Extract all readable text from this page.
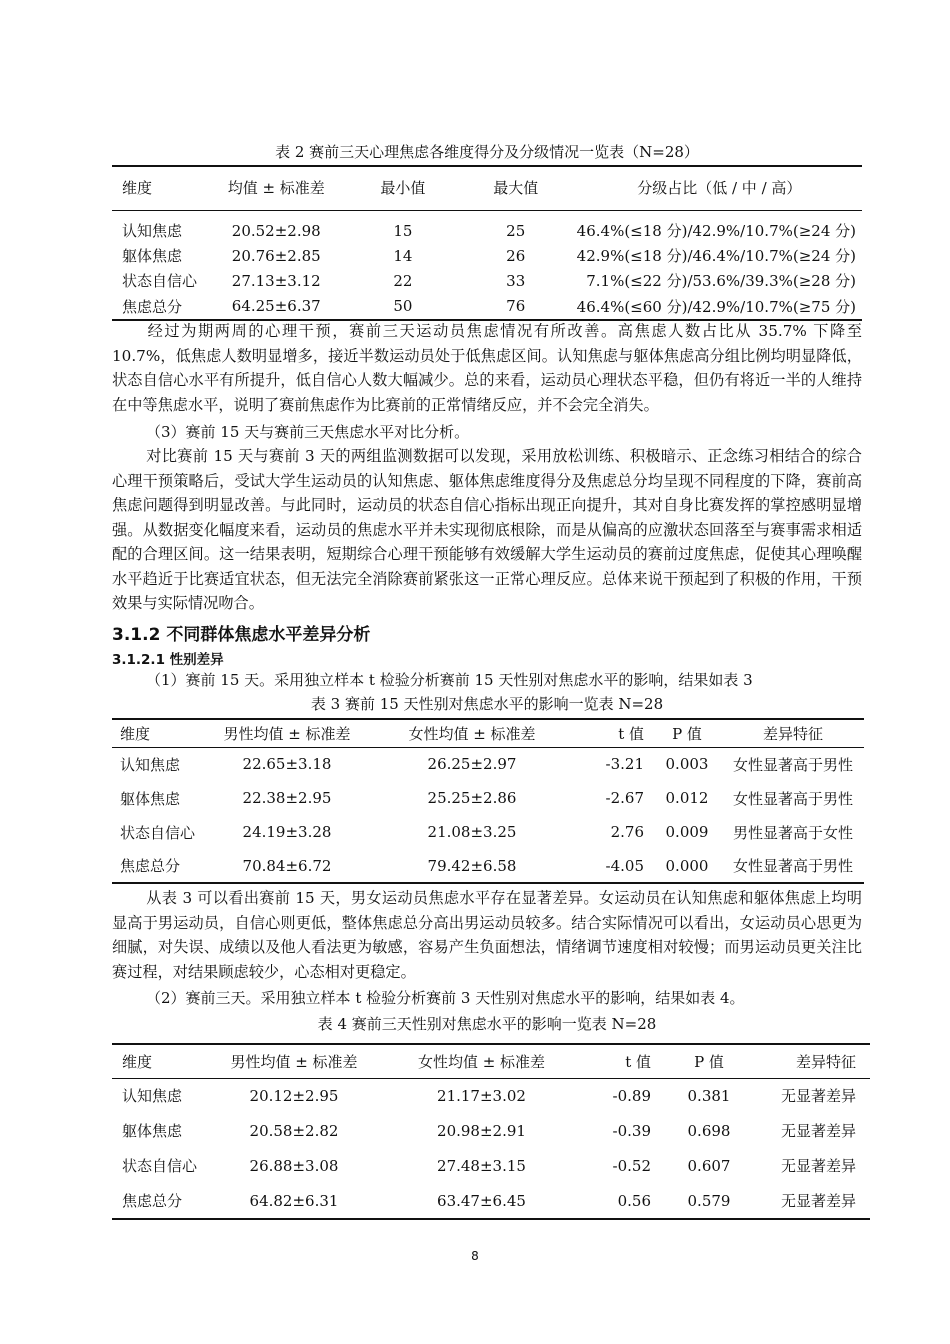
表 2 赛前三天心理焦虑各维度得分及分级情况一览表（N=28）
维度	均值 ± 标准差	最小值	最大值	分级占比（低 / 中 / 高）

认知焦虑	20.52±2.98	15	25	46.4%(≤18 分)/42.9%/10.7%(≥24 分)
躯体焦虑	20.76±2.85	14	26	42.9%(≤18 分)/46.4%/10.7%(≥24 分)
状态自信心	27.13±3.12	22	33	7.1%(≤22 分)/53.6%/39.3%(≥28 分)
焦虑总分	64.25±6.37	50	76	46.4%(≤60 分)/42.9%/10.7%(≥75 分)
经过为期两周的心理干预，赛前三天运动员焦虑情况有所改善。高焦虑人数占比从 35.7% 下降至 10.7%，低焦虑人数明显增多，接近半数运动员处于低焦虑区间。认知焦虑与躯体焦虑高分组比例均明显降低，状态自信心水平有所提升，低自信心人数大幅减少。总的来看，运动员心理状态平稳，但仍有将近一半的人维持在中等焦虑水平，说明了赛前焦虑作为比赛前的正常情绪反应，并不会完全消失。
（3）赛前 15 天与赛前三天焦虑水平对比分析。
对比赛前 15 天与赛前 3 天的两组监测数据可以发现，采用放松训练、积极暗示、正念练习相结合的综合心理干预策略后，受试大学生运动员的认知焦虑、躯体焦虑维度得分及焦虑总分均呈现不同程度的下降，赛前高焦虑问题得到明显改善。与此同时，运动员的状态自信心指标出现正向提升，其对自身比赛发挥的掌控感明显增强。从数据变化幅度来看，运动员的焦虑水平并未实现彻底根除，而是从偏高的应激状态回落至与赛事需求相适配的合理区间。这一结果表明，短期综合心理干预能够有效缓解大学生运动员的赛前过度焦虑，促使其心理唤醒水平趋近于比赛适宜状态，但无法完全消除赛前紧张这一正常心理反应。总体来说干预起到了积极的作用，干预效果与实际情况吻合。
3.1.2 不同群体焦虑水平差异分析
3.1.2.1 性别差异
（1）赛前 15 天。采用独立样本 t 检验分析赛前 15 天性别对焦虑水平的影响，结果如表 3
表 3 赛前 15 天性别对焦虑水平的影响一览表 N=28
维度	男性均值 ± 标准差	女性均值 ± 标准差	t 值	P 值	差异特征
认知焦虑	22.65±3.18	26.25±2.97	-3.21	0.003	女性显著高于男性
躯体焦虑	22.38±2.95	25.25±2.86	-2.67	0.012	女性显著高于男性
状态自信心	24.19±3.28	21.08±3.25	2.76	0.009	男性显著高于女性
焦虑总分	70.84±6.72	79.42±6.58	-4.05	0.000	女性显著高于男性
从表 3 可以看出赛前 15 天，男女运动员焦虑水平存在显著差异。女运动员在认知焦虑和躯体焦虑上均明显高于男运动员，自信心则更低，整体焦虑总分高出男运动员较多。结合实际情况可以看出，女运动员心思更为细腻，对失误、成绩以及他人看法更为敏感，容易产生负面想法，情绪调节速度相对较慢；而男运动员更关注比赛过程，对结果顾虑较少，心态相对更稳定。
（2）赛前三天。采用独立样本 t 检验分析赛前 3 天性别对焦虑水平的影响，结果如表 4。
表 4 赛前三天性别对焦虑水平的影响一览表 N=28
维度	男性均值 ± 标准差	女性均值 ± 标准差	t 值	P 值	差异特征
认知焦虑	20.12±2.95	21.17±3.02	-0.89	0.381	无显著差异
躯体焦虑	20.58±2.82	20.98±2.91	-0.39	0.698	无显著差异
状态自信心	26.88±3.08	27.48±3.15	-0.52	0.607	无显著差异
焦虑总分	64.82±6.31	63.47±6.45	0.56	0.579	无显著差异
8
